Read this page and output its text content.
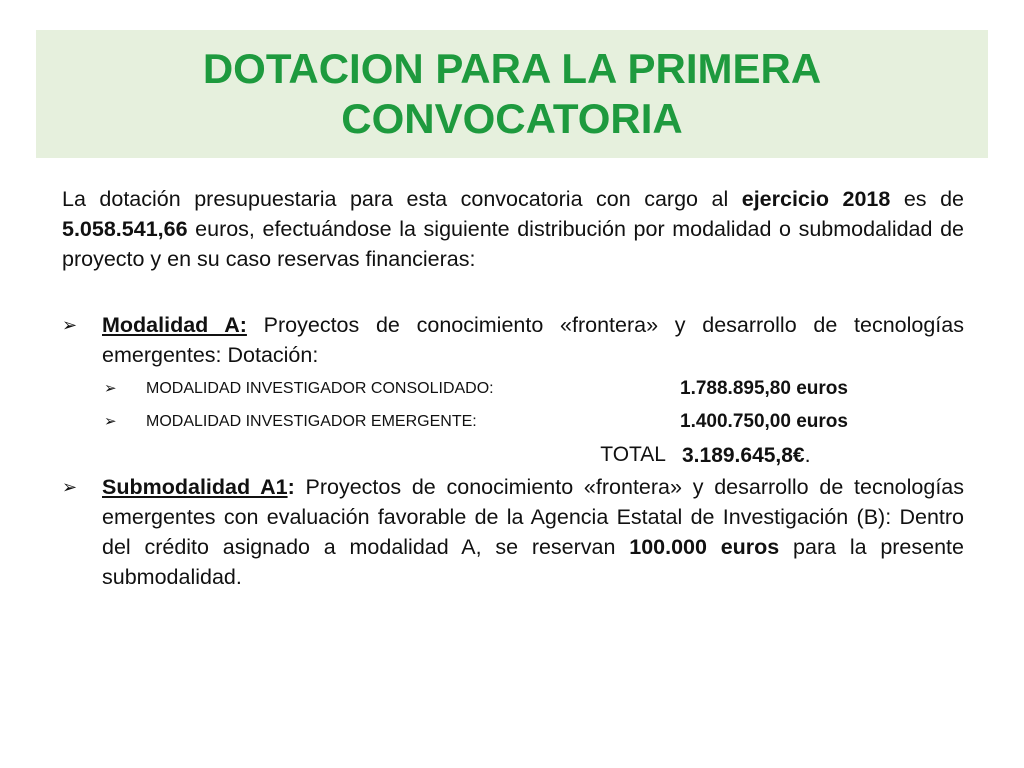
DOTACION PARA LA PRIMERA
CONVOCATORIA

La dotación presupuestaria para esta convocatoria con cargo al ejercicio 2018 es de 5.058.541,66 euros, efectuándose la siguiente distribución por modalidad o submodalidad de proyecto y en su caso reservas financieras:

➢	Modalidad A: Proyectos de conocimiento «frontera» y desarrollo de tecnologías emergentes: Dotación:
➢	MODALIDAD INVESTIGADOR CONSOLIDADO:	1.788.895,80 euros
➢	MODALIDAD INVESTIGADOR EMERGENTE:	1.400.750,00 euros
TOTAL 3.189.645,8€.
➢	Submodalidad A1: Proyectos de conocimiento «frontera» y desarrollo de tecnologías emergentes con evaluación favorable de la Agencia Estatal de Investigación (B): Dentro del crédito asignado a modalidad A, se reservan 100.000 euros para la presente submodalidad.
